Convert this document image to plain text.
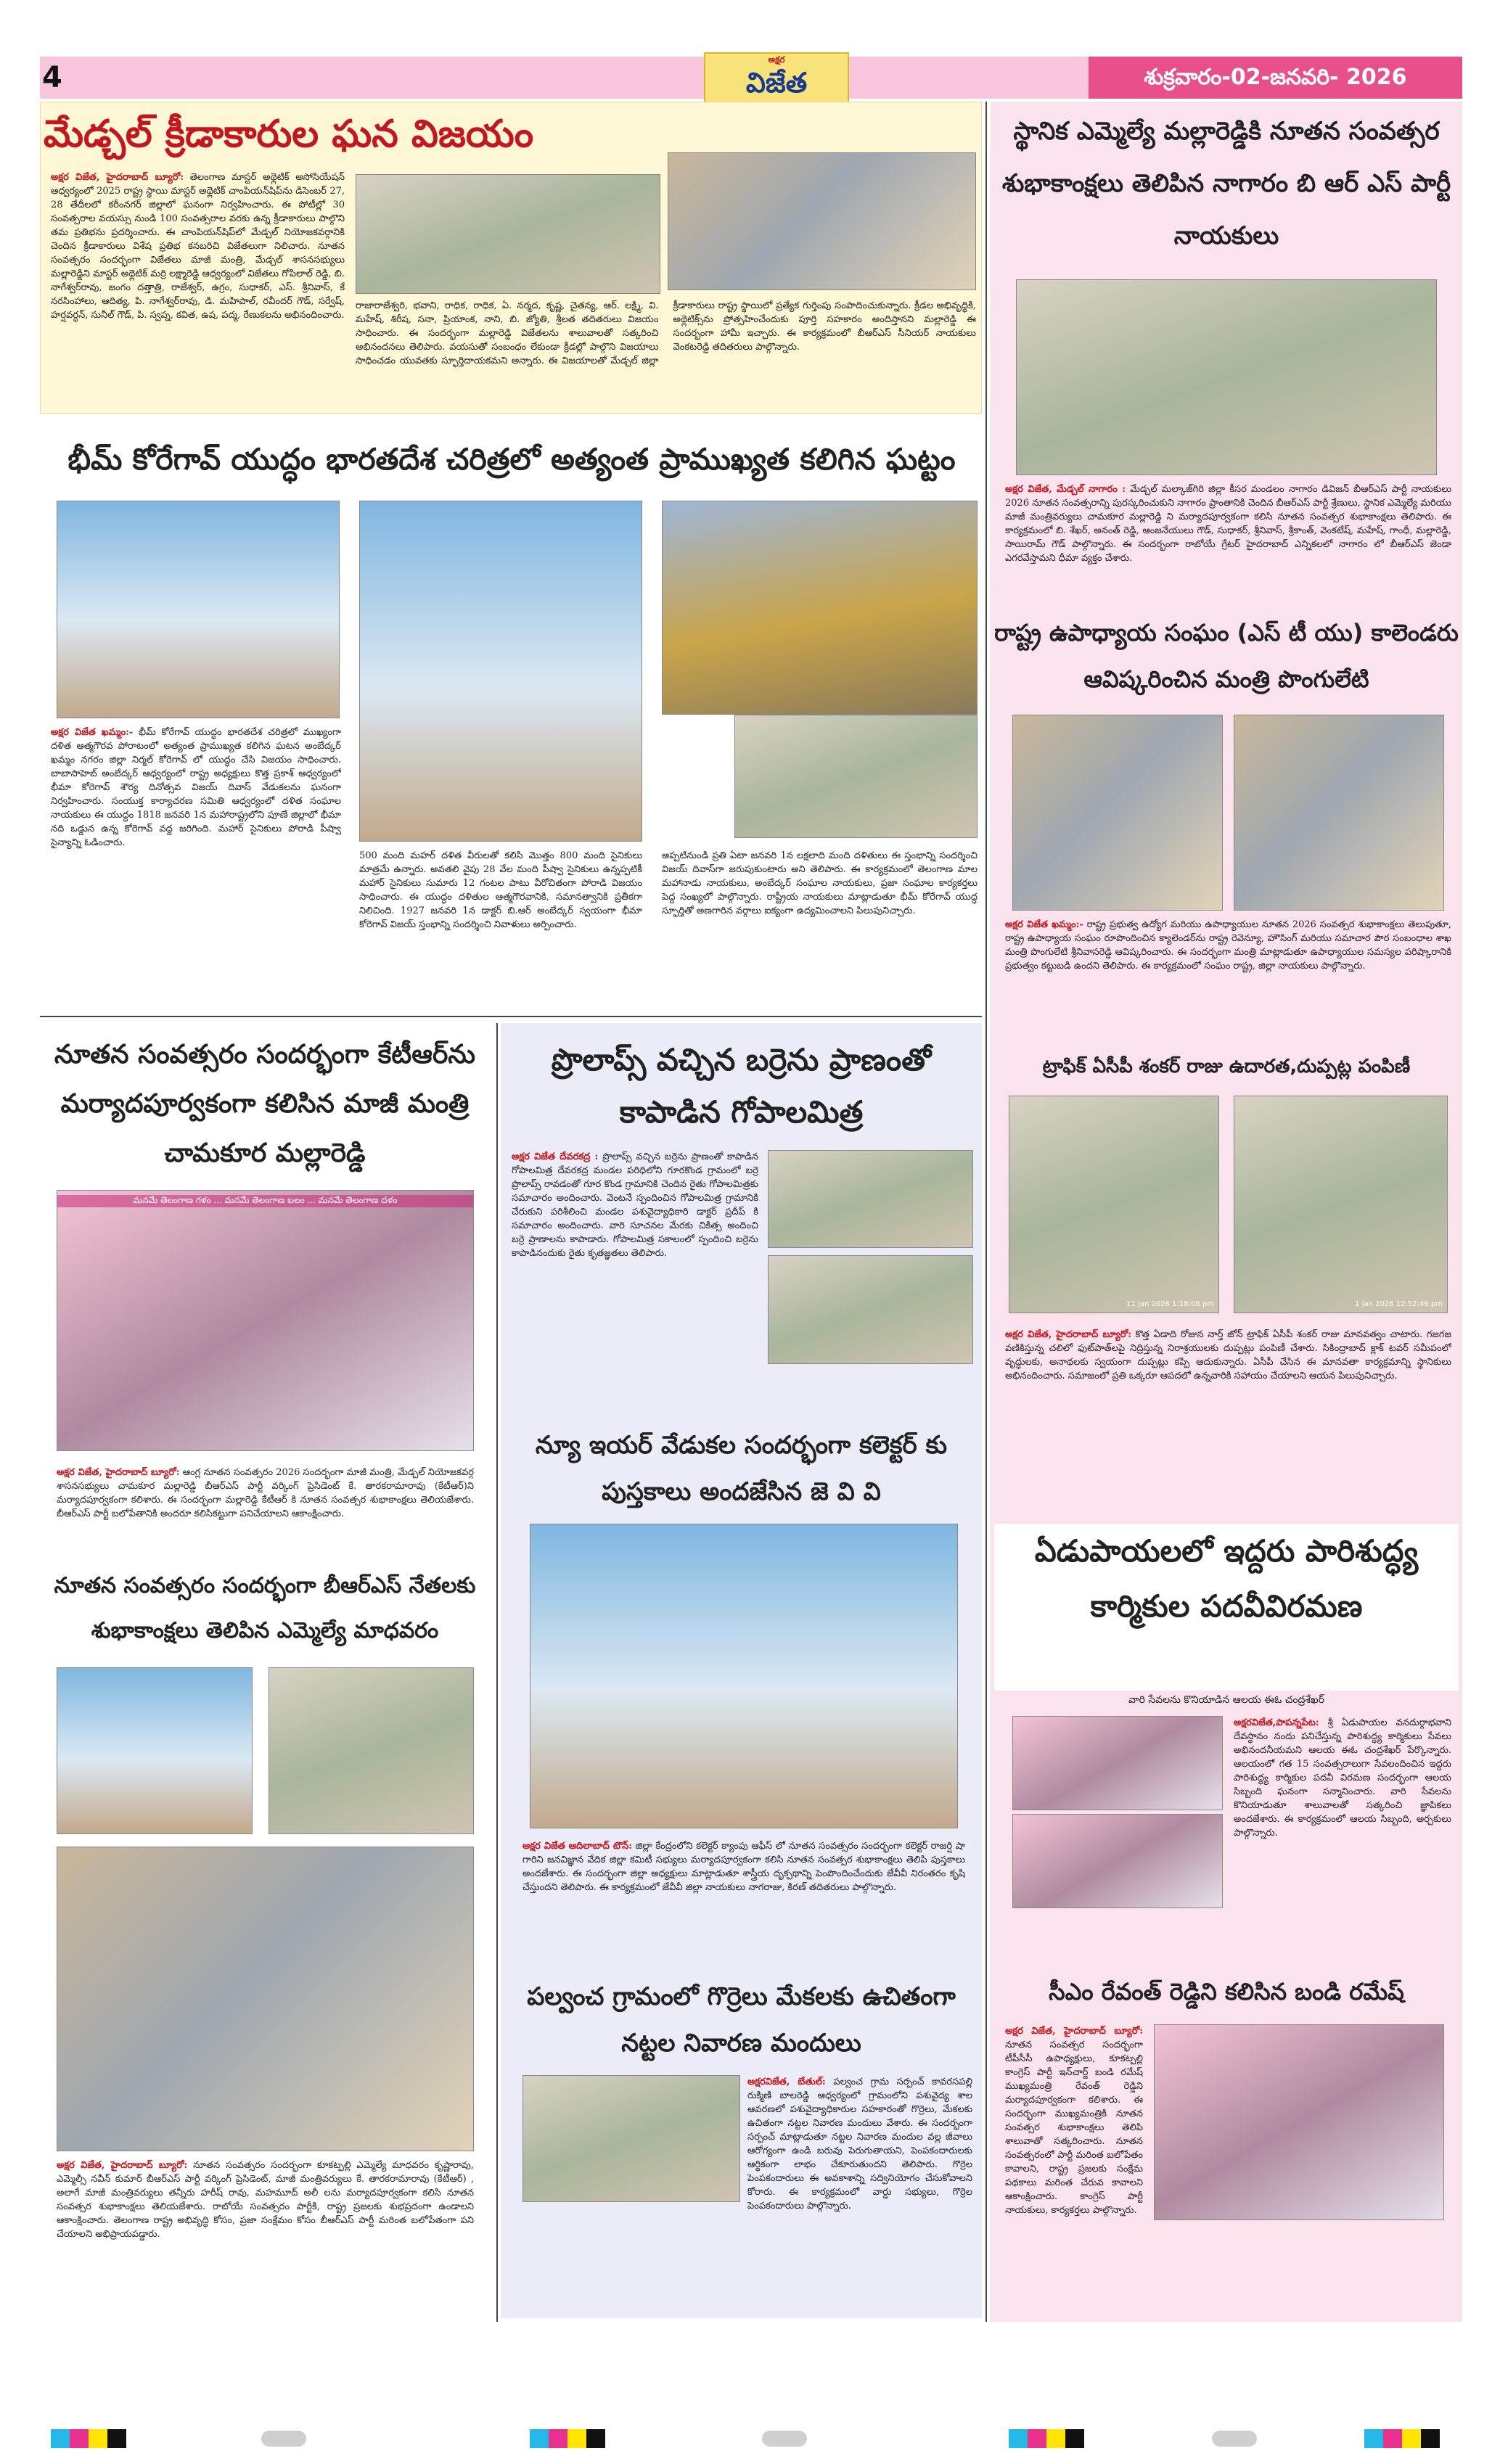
4
అక్షర
విజేత	శుక్రవారం-02-జనవరి- 2026
మేడ్చల్ క్రీడాకారుల ఘన విజయం
అక్షర విజేత, హైదరాబాద్ బ్యూరో: తెలంగాణ మాస్టర్ అథ్లెటిక్ అసోసియేషన్ ఆధ్వర్యంలో 2025 రాష్ట్ర స్థాయి మాస్టర్ అథ్లెటిక్ చాంపియన్‌షిప్‌ను డిసెంబర్ 27, 28 తేదీలలో కరీంనగర్ జిల్లాలో ఘనంగా నిర్వహించారు. ఈ పోటీల్లో 30 సంవత్సరాల వయస్సు నుండి 100 సంవత్సరాల వరకు ఉన్న క్రీడాకారులు పాల్గొని తమ ప్రతిభను ప్రదర్శించారు. ఈ చాంపియన్‌షిప్‌లో మేడ్చల్ నియోజకవర్గానికి చెందిన క్రీడాకారులు విశేష ప్రతిభ కనబరిచి విజేతలుగా నిలిచారు. నూతన సంవత్సరం సందర్భంగా విజేతలు మాజీ మంత్రి, మేడ్చల్ శాసనసభ్యులు మల్లారెడ్డిని మాస్టర్ అథ్లెటిక్ మర్రి లక్ష్మారెడ్డి ఆధ్వర్యంలో విజేతలు గోపిలాల్ రెడ్డి, బి. నాగేశ్వర్‌రావు, జంగం దత్తాత్రి, రాజేశ్వర్, ఉగ్రం, సుధాకర్, ఎస్. శ్రీనివాస్, కే నరసింహాలు, ఆదిత్య, పి. నాగేశ్వర్‌రావు, డి. మహిపాల్, రవీందర్ గౌడ్, సర్వేష్, హర్షవర్ధన్, సునీల్ గౌడ్, పి. స్వప్న, కవిత, ఉష, పద్మ, రేణుకలను అభినందించారు.
రాజారాజేశ్వరి, భవాని, రాధిక, రాధిక, ఏ. నర్మద, కృష్ణ, చైతన్య, ఆర్. లక్ష్మి, వి. మహేష్, శిరీష, సనా, ప్రియాంక, నాని, బి. జ్యోతి, శ్రీలత తదితరులు విజయం సాధించారు. ఈ సందర్భంగా మల్లారెడ్డి విజేతలను శాలువాలతో సత్కరించి అభినందనలు తెలిపారు. వయసుతో సంబంధం లేకుండా క్రీడల్లో పాల్గొని విజయాలు సాధించడం యువతకు స్ఫూర్తిదాయకమని అన్నారు. ఈ విజయాలతో మేడ్చల్ జిల్లా క్రీడాకారులు రాష్ట్ర స్థాయిలో ప్రత్యేక గుర్తింపు సంపాదించుకున్నారు. క్రీడల అభివృద్ధికి, అథ్లెటిక్స్‌ను ప్రోత్సహించేందుకు పూర్తి సహకారం అందిస్తానని మల్లారెడ్డి ఈ సందర్భంగా హామీ ఇచ్చారు. ఈ కార్యక్రమంలో బీఆర్ఎస్ సీనియర్ నాయకులు వెంకటరెడ్డి తదితరులు పాల్గొన్నారు.
భీమ్ కోరేగావ్ యుద్ధం భారతదేశ చరిత్రలో అత్యంత ప్రాముఖ్యత కలిగిన ఘట్టం
అక్షర విజేత ఖమ్మం:- భీమ్ కోరేగావ్ యుద్ధం భారతదేశ చరిత్రలో ముఖ్యంగా దళిత ఆత్మగౌరవ పోరాటంలో అత్యంత ప్రాముఖ్యత కలిగిన ఘటన అంబేద్కర్ ఖమ్మం నగరం జిల్లా నిర్మల్ కోరెగావ్ లో యుద్ధం చేసి విజయం సాధించారు. బాబాసాహెబ్ అంబేద్కర్ ఆధ్వర్యంలో రాష్ట్ర అధ్యక్షులు కొత్త ప్రకాశ్ ఆధ్వర్యంలో భీమా కోరెగావ్ శౌర్య దినోత్సవ విజయ్ దివాస్ వేడుకలను ఘనంగా నిర్వహించారు. సంయుక్త కార్యాచరణ సమితి ఆధ్వర్యంలో దళిత సంఘాల నాయకులు ఈ యుద్ధం 1818 జనవరి 1న మహారాష్ట్రలోని పూణే జిల్లాలో భీమా నది ఒడ్డున ఉన్న కోరెగావ్ వద్ద జరిగింది. మహార్ సైనికులు పోరాడి పీష్వా సైన్యాన్ని ఓడించారు.
500 మంది మహర్ దళిత వీరులతో కలిసి మొత్తం 800 మంది సైనికులు మాత్రమే ఉన్నారు. అవతలి వైపు 28 వేల మంది పీష్వా సైనికులు ఉన్నప్పటికీ మహార్ సైనికులు సుమారు 12 గంటల పాటు వీరోచితంగా పోరాడి విజయం సాధించారు. ఈ యుద్ధం దళితుల ఆత్మగౌరవానికి, సమానత్వానికి ప్రతీకగా నిలిచింది. 1927 జనవరి 1న డాక్టర్ బి.ఆర్ అంబేద్కర్ స్వయంగా భీమా కోరెగావ్ విజయ్ స్తంభాన్ని సందర్శించి నివాళులు అర్పించారు.
అప్పటినుండి ప్రతి ఏటా జనవరి 1న లక్షలాది మంది దళితులు ఈ స్తంభాన్ని సందర్శించి విజయ్ దివాస్‌గా జరుపుకుంటారు అని తెలిపారు. ఈ కార్యక్రమంలో తెలంగాణ మాల మహానాడు నాయకులు, అంబేద్కర్ సంఘాల నాయకులు, ప్రజా సంఘాల కార్యకర్తలు పెద్ద సంఖ్యలో పాల్గొన్నారు. రాష్ట్రీయ నాయకులు మాట్లాడుతూ భీమ్ కోరేగావ్ యుద్ధ స్ఫూర్తితో అణగారిన వర్గాలు ఐక్యంగా ఉద్యమించాలని పిలుపునిచ్చారు.
నూతన సంవత్సరం సందర్భంగా కేటీఆర్‌ను మర్యాదపూర్వకంగా కలిసిన మాజీ మంత్రి చామకూర మల్లారెడ్డి
మనమే తెలంగాణ గళం ... మనమే తెలంగాణ బలం ... మనమే తెలంగాణ దళం
అక్షర విజేత, హైదరాబాద్ బ్యూరో: ఆంగ్ల నూతన సంవత్సరం 2026 సందర్భంగా మాజీ మంత్రి, మేడ్చల్ నియోజకవర్గ శాసనసభ్యులు చామకూర మల్లారెడ్డి బీఆర్ఎస్ పార్టీ వర్కింగ్ ప్రెసిడెంట్ కే. తారకరామారావు (కేటీఆర్)ని మర్యాదపూర్వకంగా కలిశారు. ఈ సందర్భంగా మల్లారెడ్డి కేటీఆర్ కి నూతన సంవత్సర శుభాకాంక్షలు తెలియజేశారు. బీఆర్ఎస్ పార్టీ బలోపేతానికి అందరూ కలిసికట్టుగా పనిచేయాలని ఆకాంక్షించారు.
నూతన సంవత్సరం సందర్భంగా బీఆర్ఎస్ నేతలకు శుభాకాంక్షలు తెలిపిన ఎమ్మెల్యే మాధవరం
అక్షర విజేత, హైదరాబాద్ బ్యూరో: నూతన సంవత్సరం సందర్భంగా కూకట్పల్లి ఎమ్మెల్యే మాధవరం కృష్ణారావు, ఎమ్మెల్సీ నవీన్ కుమార్ బీఆర్ఎస్ పార్టీ వర్కింగ్ ప్రెసిడెంట్, మాజీ మంత్రివర్యులు కే. తారకరామారావు (కేటీఆర్) , అలాగే మాజీ మంత్రివర్యులు తన్నీరు హరీష్ రావు, మహమూద్ అలీ లను మర్యాదపూర్వకంగా కలిసి నూతన సంవత్సర శుభాకాంక్షలు తెలియజేశారు. రాబోయే సంవత్సరం పార్టీకి, రాష్ట్ర ప్రజలకు శుభప్రదంగా ఉండాలని ఆకాంక్షించారు. తెలంగాణ రాష్ట్ర అభివృద్ధి కోసం, ప్రజా సంక్షేమం కోసం బీఆర్ఎస్ పార్టీ మరింత బలోపేతంగా పని చేయాలని అభిప్రాయపడ్డారు.
ప్రొలాప్స్ వచ్చిన బర్రెను ప్రాణంతో కాపాడిన గోపాలమిత్ర
అక్షర విజేత దేవరకద్ర : ప్రొలాప్స్ వచ్చిన బర్రెను ప్రాణంతో కాపాడిన గోపాలమిత్ర దేవరకద్ర మండల పరిధిలోని గూరకొండ గ్రామంలో బర్రె ప్రొలాప్స్ రావడంతో గూర కొండ గ్రామానికి చెందిన రైతు గోపాలమిత్రకు సమాచారం అందించారు. వెంటనే స్పందించిన గోపాలమిత్ర గ్రామానికి చేరుకుని పరిశీలించి మండల పశువైద్యాధికారి డాక్టర్ ప్రదీప్ కి సమాచారం అందించారు. వారి సూచనల మేరకు చికిత్స అందించి బర్రె ప్రాణాలను కాపాడారు. గోపాలమిత్ర సకాలంలో స్పందించి బర్రెను కాపాడినందుకు రైతు కృతజ్ఞతలు తెలిపారు.
న్యూ ఇయర్ వేడుకల సందర్భంగా కలెక్టర్ కు పుస్తకాలు అందజేసిన జె వి వి
అక్షర విజేత ఆదిలాబాద్ టౌన్: జిల్లా కేంద్రంలోని కలెక్టర్ క్యాంపు ఆఫీస్ లో నూతన సంవత్సరం సందర్భంగా కలెక్టర్ రాజర్షి షా గారిని జనవిజ్ఞాన వేదిక జిల్లా కమిటీ సభ్యులు మర్యాదపూర్వకంగా కలిసి నూతన సంవత్సర శుభాకాంక్షలు తెలిపి పుస్తకాలు అందజేశారు. ఈ సందర్భంగా జిల్లా అధ్యక్షులు మాట్లాడుతూ శాస్త్రీయ దృక్పథాన్ని పెంపొందించేందుకు జేవీవీ నిరంతరం కృషి చేస్తుందని తెలిపారు. ఈ కార్యక్రమంలో జేవీవీ జిల్లా నాయకులు నాగరాజు, కిరణ్ తదితరులు పాల్గొన్నారు.
పల్వంచ గ్రామంలో గొర్రెలు మేకలకు ఉచితంగా నట్టల నివారణ మందులు
అక్షరవిజేత, బేతుల్: పల్వంచ గ్రామ సర్పంచ్ కావరసపల్లి రుక్మిణి బాలరెడ్డి ఆధ్వర్యంలో గ్రామంలోని పశువైద్య శాల ఆవరణలో పశువైద్యాధికారుల సహకారంతో గొర్రెలు, మేకలకు ఉచితంగా నట్టల నివారణ మందులు వేశారు. ఈ సందర్భంగా సర్పంచ్ మాట్లాడుతూ నట్టల నివారణ మందుల వల్ల జీవాలు ఆరోగ్యంగా ఉండి బరువు పెరుగుతాయని, పెంపకందారులకు ఆర్థికంగా లాభం చేకూరుతుందని తెలిపారు. గొర్రెల పెంపకందారులు ఈ అవకాశాన్ని సద్వినియోగం చేసుకోవాలని కోరారు. ఈ కార్యక్రమంలో వార్డు సభ్యులు, గొర్రెల పెంపకందారులు పాల్గొన్నారు.
స్థానిక ఎమ్మెల్యే మల్లారెడ్డికి నూతన సంవత్సర శుభాకాంక్షలు తెలిపిన నాగారం బి ఆర్ ఎస్ పార్టీ నాయకులు
అక్షర విజేత, మేడ్చల్ నాగారం : మేడ్చల్ మల్కాజ్‌గిరి జిల్లా కీసర మండలం నాగారం డివిజన్ బీఆర్ఎస్ పార్టీ నాయకులు 2026 నూతన సంవత్సరాన్ని పురస్కరించుకుని నాగారం ప్రాంతానికి చెందిన బీఆర్ఎస్ పార్టీ శ్రేణులు, స్థానిక ఎమ్మెల్యే మరియు మాజీ మంత్రివర్యులు చామకూర మల్లారెడ్డి ని మర్యాదపూర్వకంగా కలిసి నూతన సంవత్సర శుభాకాంక్షలు తెలిపారు. ఈ కార్యక్రమంలో బి. శేఖర్, అనంత్ రెడ్డి, ఆంజనేయులు గౌడ్, సుధాకర్, శ్రీనివాస్, శ్రీకాంత్, వెంకటేష్, మహేష్, గాంధీ, మల్లారెడ్డి, సాయిరామ్ గౌడ్ పాల్గొన్నారు. ఈ సందర్భంగా రాబోయే గ్రేటర్ హైదరాబాద్ ఎన్నికలలో నాగారం లో బీఆర్ఎస్ జెండా ఎగరవేస్తామని ధీమా వ్యక్తం చేశారు.
రాష్ట్ర ఉపాధ్యాయ సంఘం (ఎస్ టీ యు) కాలెండరు ఆవిష్కరించిన మంత్రి పొంగులేటి
అక్షర విజేత ఖమ్మం:- రాష్ట్ర ప్రభుత్వ ఉద్యోగ మరియు ఉపాధ్యాయుల నూతన 2026 సంవత్సర శుభాకాంక్షలు తెలుపుతూ, రాష్ట్ర ఉపాధ్యాయ సంఘం రూపొందించిన క్యాలెండర్‌ను రాష్ట్ర రెవెన్యూ, హౌసింగ్ మరియు సమాచార పౌర సంబంధాల శాఖ మంత్రి పొంగులేటి శ్రీనివాసరెడ్డి ఆవిష్కరించారు. ఈ సందర్భంగా మంత్రి మాట్లాడుతూ ఉపాధ్యాయుల సమస్యల పరిష్కారానికి ప్రభుత్వం కట్టుబడి ఉందని తెలిపారు. ఈ కార్యక్రమంలో సంఘం రాష్ట్ర, జిల్లా నాయకులు పాల్గొన్నారు.
ట్రాఫిక్ ఏసీపీ శంకర్ రాజు ఉదారత,దుప్పట్ల పంపిణీ
11 Jan 2026 1:18:06 pm	1 Jan 2026 12:52:49 pm
అక్షర విజేత, హైదరాబాద్ బ్యూరో: కొత్త ఏడాది రోజున నార్త్ జోన్ ట్రాఫిక్ ఏసీపీ శంకర్ రాజు మానవత్వం చాటారు. గజగజ వణికిస్తున్న చలిలో ఫుట్‌పాత్‌లపై నిద్రిస్తున్న నిరాశ్రయులకు దుప్పట్లు పంపిణీ చేశారు. సికింద్రాబాద్ క్లాక్ టవర్ సమీపంలో వృద్ధులకు, అనాథలకు స్వయంగా దుప్పట్లు కప్పి ఆదుకున్నారు. ఏసీపీ చేసిన ఈ మానవతా కార్యక్రమాన్ని స్థానికులు అభినందించారు. సమాజంలో ప్రతి ఒక్కరూ ఆపదలో ఉన్నవారికి సహాయం చేయాలని ఆయన పిలుపునిచ్చారు.
ఏడుపాయలలో ఇద్దరు పారిశుద్ధ్య కార్మికుల పదవీవిరమణ
వారి సేవలను కొనియాడిన ఆలయ ఈఓ చంద్రశేఖర్
అక్షరవిజేత,పాపన్నపేట: శ్రీ ఏడుపాయల వనదుర్గాభవాని దేవస్థానం నందు పనిచేస్తున్న పారిశుద్ధ్య కార్మికులు సేవలు అభినందనీయమని ఆలయ ఈఓ చంద్రశేఖర్ పేర్కొన్నారు. ఆలయంలో గత 15 సంవత్సరాలుగా సేవలందించిన ఇద్దరు పారిశుద్ధ్య కార్మికుల పదవీ విరమణ సందర్భంగా ఆలయ సిబ్బంది ఘనంగా సన్మానించారు. వారి సేవలను కొనియాడుతూ శాలువాలతో సత్కరించి జ్ఞాపికలు అందజేశారు. ఈ కార్యక్రమంలో ఆలయ సిబ్బంది, అర్చకులు పాల్గొన్నారు.
సీఎం రేవంత్ రెడ్డిని కలిసిన బండి రమేష్
అక్షర విజేత, హైదరాబాద్ బ్యూరో: నూతన సంవత్సర సందర్భంగా టీపీసీసీ ఉపాధ్యక్షులు, కూకట్పల్లి కాంగ్రెస్ పార్టీ ఇన్‌చార్జ్ బండి రమేష్ ముఖ్యమంత్రి రేవంత్ రెడ్డిని మర్యాదపూర్వకంగా కలిశారు. ఈ సందర్భంగా ముఖ్యమంత్రికి నూతన సంవత్సర శుభాకాంక్షలు తెలిపి శాలువాతో సత్కరించారు. నూతన సంవత్సరంలో పార్టీ మరింత బలోపేతం కావాలని, రాష్ట్ర ప్రజలకు సంక్షేమ పథకాలు మరింత చేరువ కావాలని ఆకాంక్షించారు. కాంగ్రెస్ పార్టీ నాయకులు, కార్యకర్తలు పాల్గొన్నారు.
